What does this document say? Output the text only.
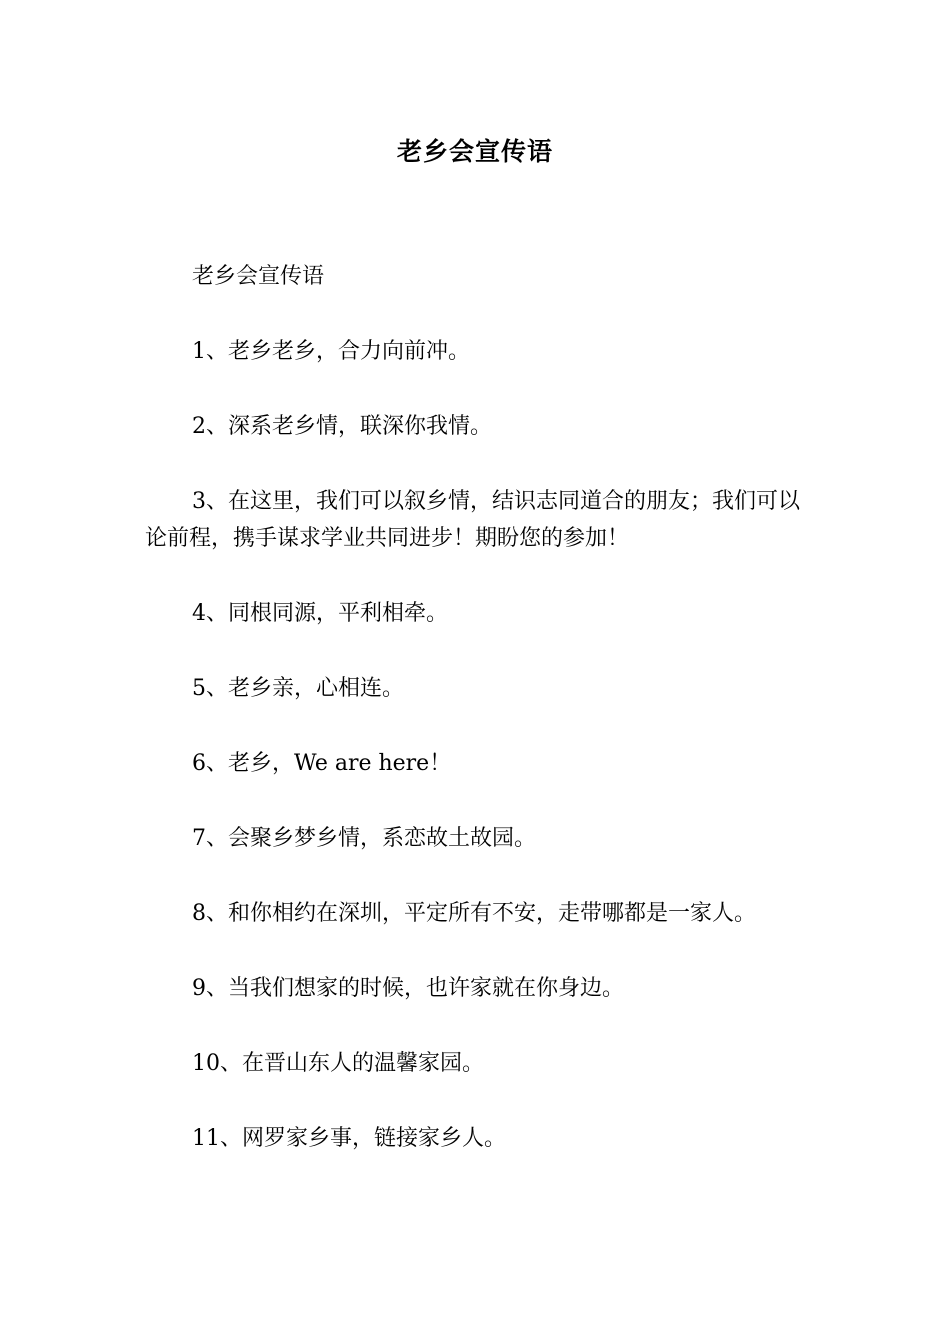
老乡会宣传语

老乡会宣传语

1、老乡老乡，合力向前冲。

2、深系老乡情，联深你我情。

3、在这里，我们可以叙乡情，结识志同道合的朋友；我们可以论前程，携手谋求学业共同进步！期盼您的参加！

4、同根同源，平利相牵。

5、老乡亲，心相连。

6、老乡，We are here！

7、会聚乡梦乡情，系恋故土故园。

8、和你相约在深圳，平定所有不安，走带哪都是一家人。

9、当我们想家的时候，也许家就在你身边。

10、在晋山东人的温馨家园。

11、网罗家乡事，链接家乡人。
